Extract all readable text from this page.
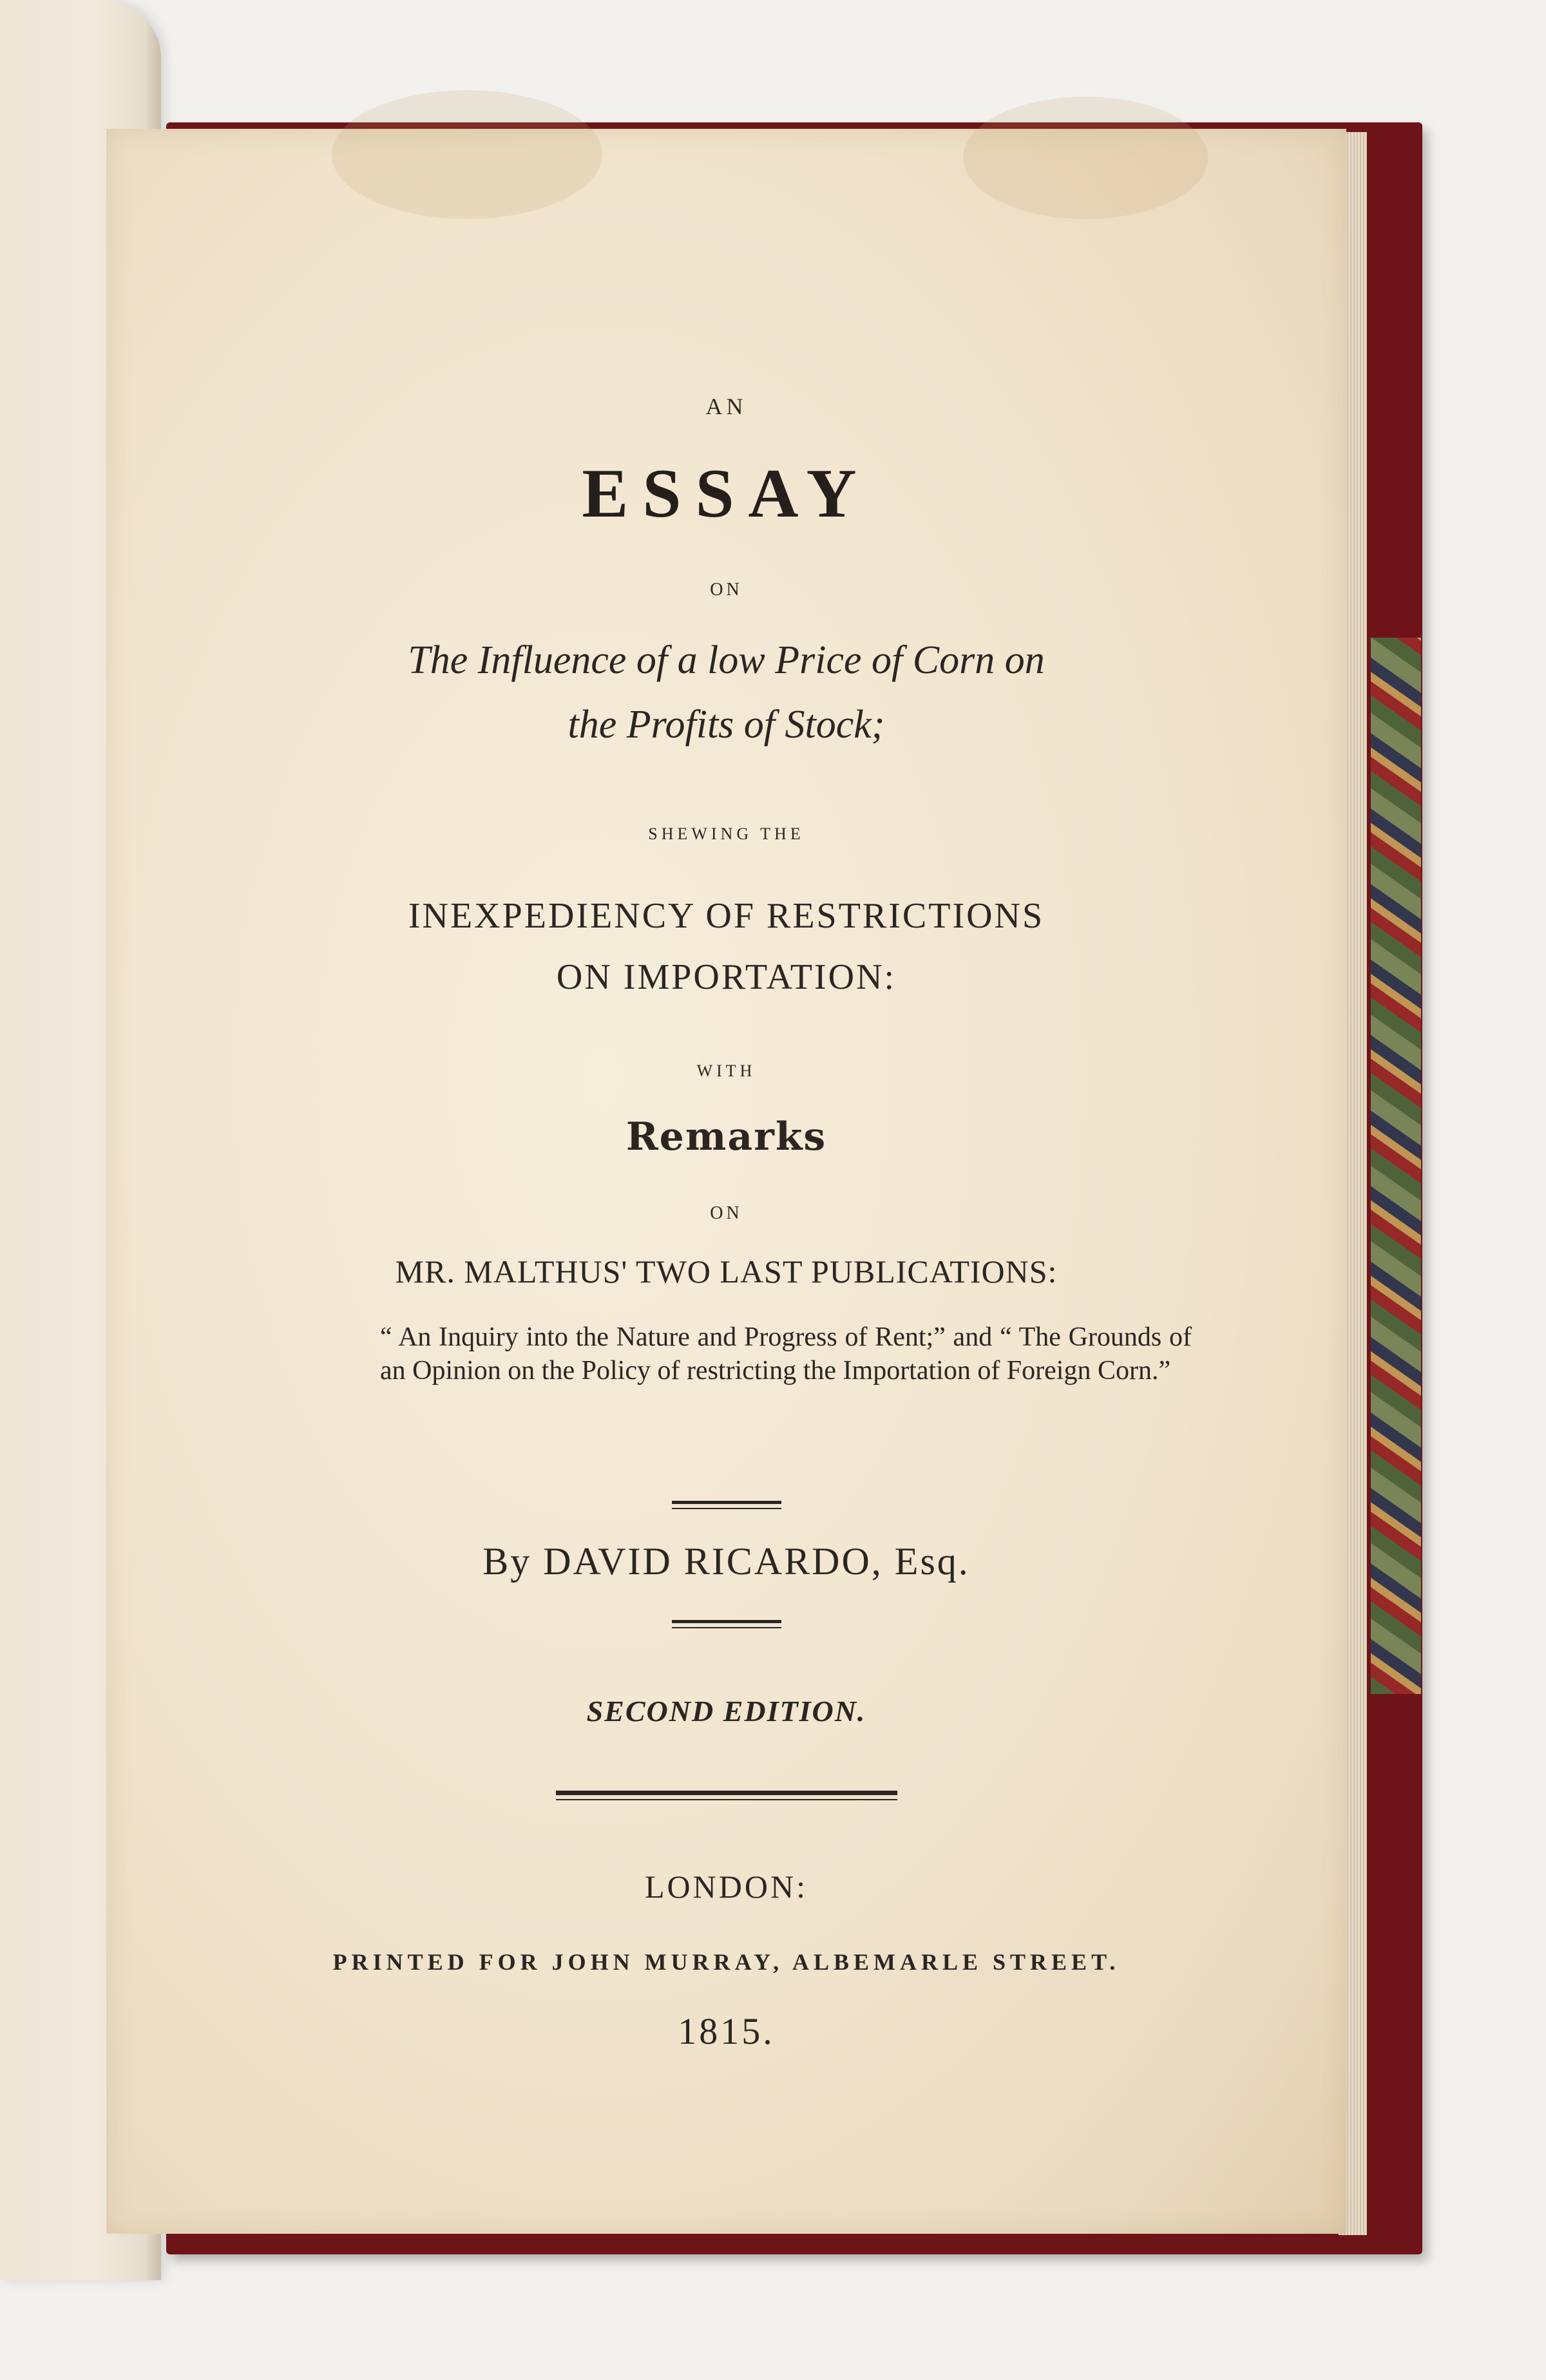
AN
ESSAY
ON
The Influence of a low Price of Corn on
the Profits of Stock;
SHEWING THE
INEXPEDIENCY OF RESTRICTIONS
ON IMPORTATION:
WITH
Remarks
ON
MR. MALTHUS' TWO LAST PUBLICATIONS:
“ An Inquiry into the Nature and Progress of Rent;” and “ The Grounds of an Opinion on the Policy of restricting the Importation of Foreign Corn.”
By DAVID RICARDO, Esq.
SECOND EDITION.
LONDON:
PRINTED FOR JOHN MURRAY, ALBEMARLE STREET.
1815.
